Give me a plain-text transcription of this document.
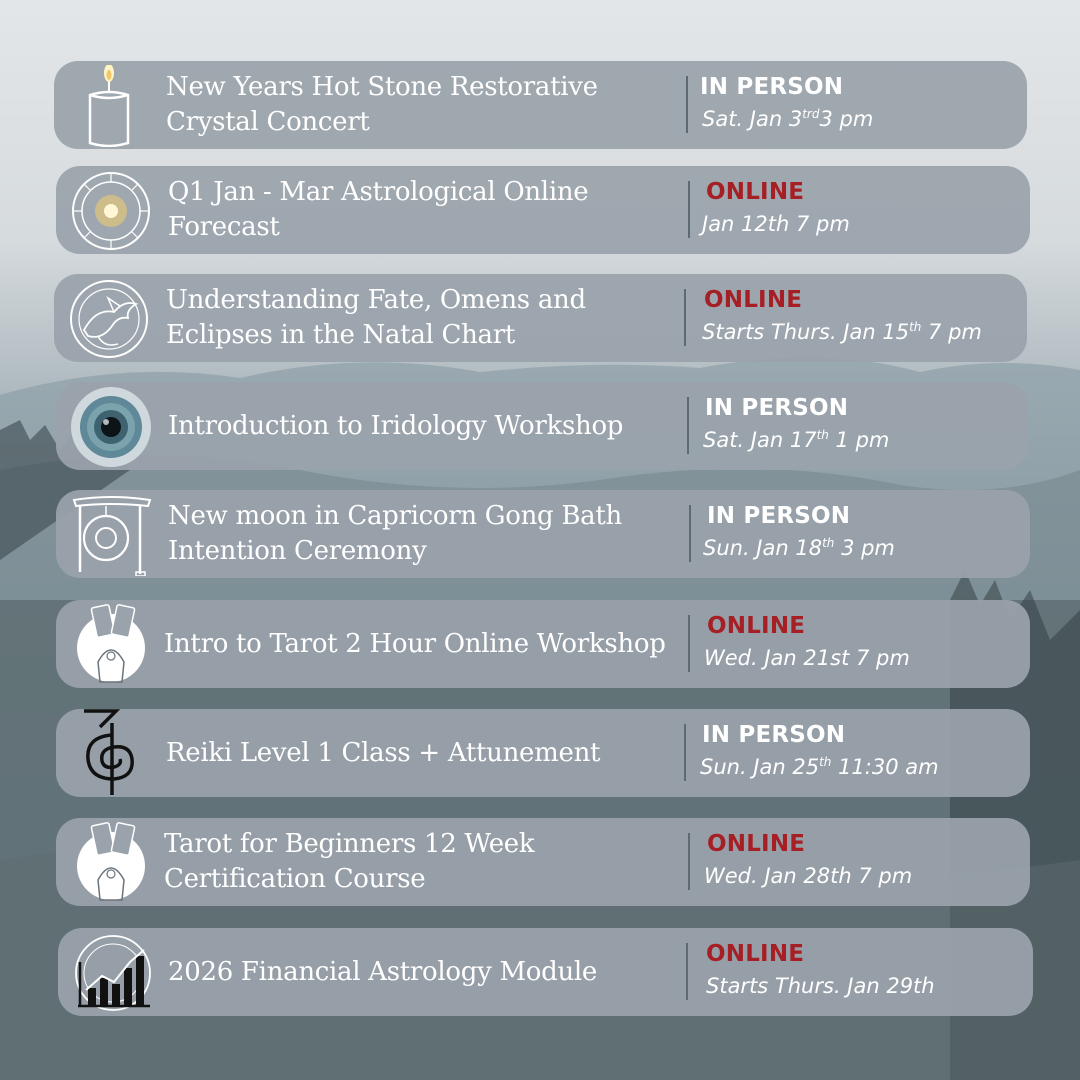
New Years Hot Stone Restorative Crystal Concert
IN PERSON
Sat. Jan $3^{trd}3$ pm
Q1 Jan - Mar Astrological Online Forecast
ONLINE
Jan 12th 7 pm
Understanding Fate, Omens and Eclipses in the Natal Chart
ONLINE
Starts Thurs. Jan 15th 7 pm
Introduction to Iridology Workshop
IN PERSON
Sat. Jan 17th 1 pm
New moon in Capricorn Gong Bath Intention Ceremony
IN PERSON
Sun. Jan 18th 3 pm
Intro to Tarot 2 Hour Online Workshop
ONLINE
Wed. Jan 21st 7 pm
Reiki Level 1 Class + Attunement
IN PERSON
Sun. Jan 25th 11:30 am
Tarot for Beginners 12 Week Certification Course
ONLINE
Wed. Jan 28th 7 pm
2026 Financial Astrology Module
ONLINE
Starts Thurs. Jan 29th
